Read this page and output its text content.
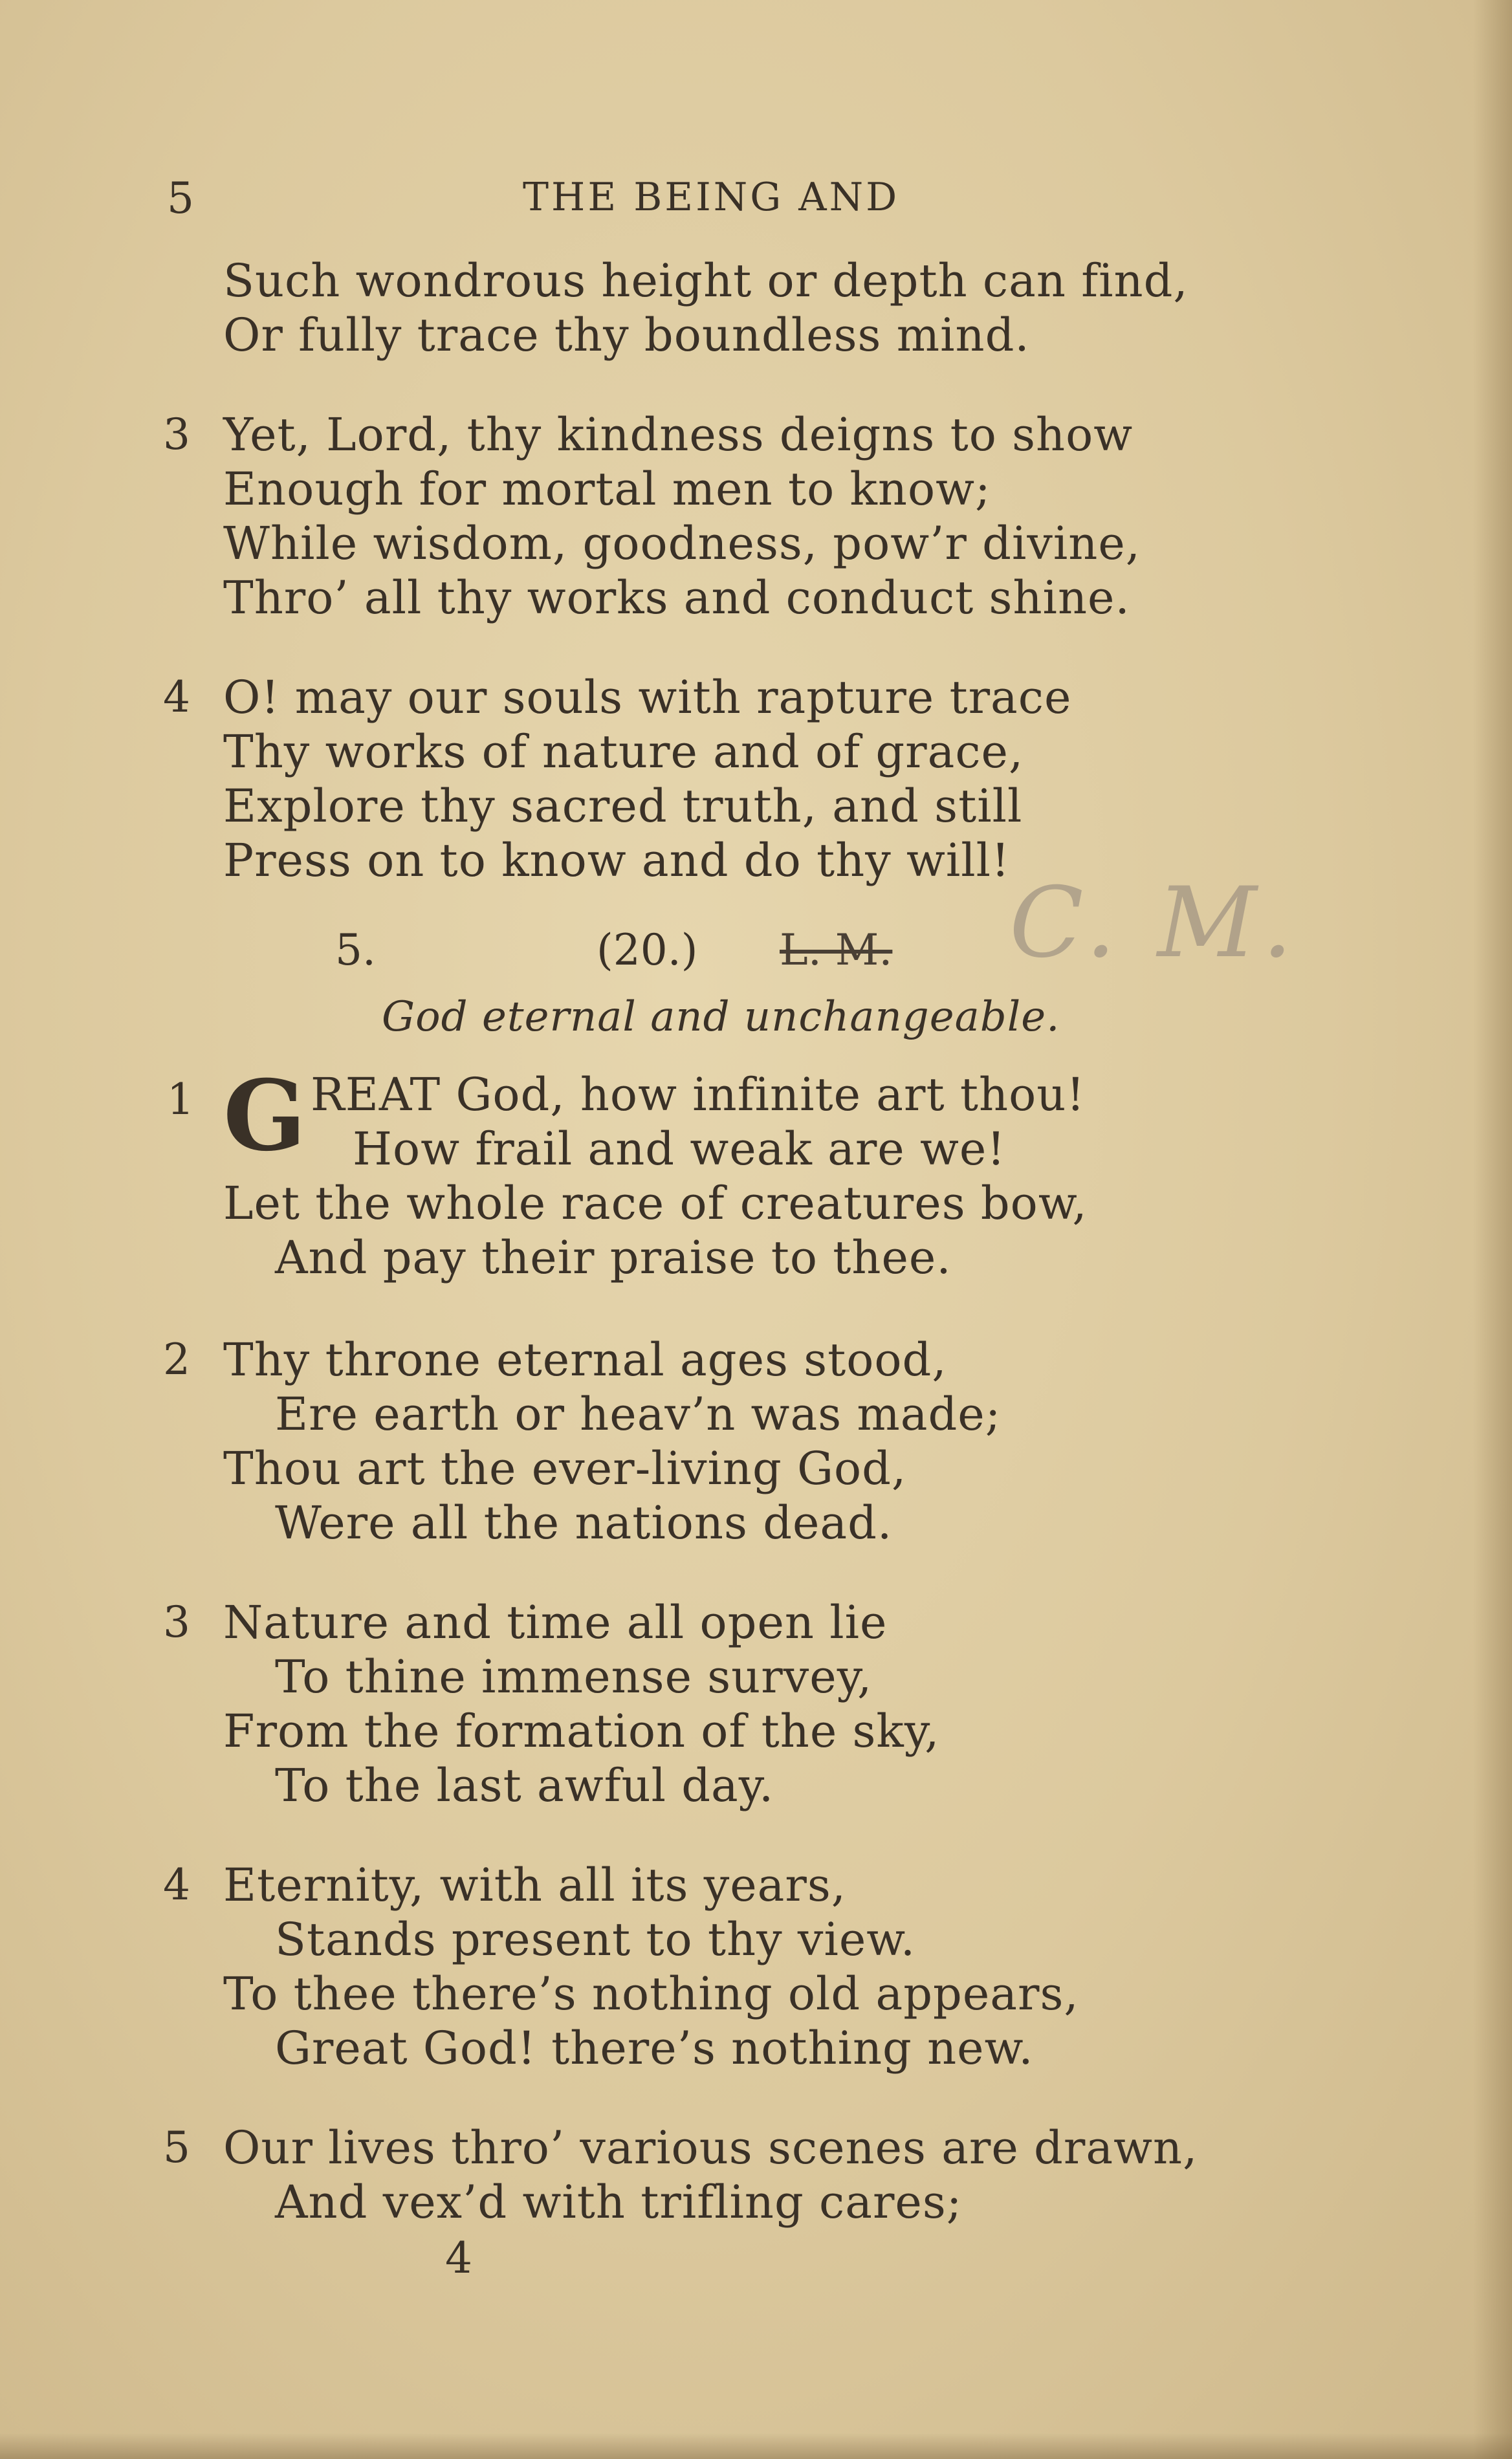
5	THE BEING AND
Such wondrous height or depth can find,
Or fully trace thy boundless mind.
3 Yet, Lord, thy kindness deigns to show
Enough for mortal men to know;
While wisdom, goodness, pow’r divine,
Thro’ all thy works and conduct shine.
4 O! may our souls with rapture trace
Thy works of nature and of grace,
Explore thy sacred truth, and still
Press on to know and do thy will!
5.	(20.) L. M. C. M.
God eternal and unchangeable.
1 G REAT God, how infinite art thou!
How frail and weak are we!
Let the whole race of creatures bow,
And pay their praise to thee.
2 Thy throne eternal ages stood,
Ere earth or heav’n was made;
Thou art the ever-living God,
Were all the nations dead.
3 Nature and time all open lie
To thine immense survey,
From the formation of the sky,
To the last awful day.
4 Eternity, with all its years,
Stands present to thy view.
To thee there’s nothing old appears,
Great God! there’s nothing new.
5 Our lives thro’ various scenes are drawn,
And vex’d with trifling cares;
4
